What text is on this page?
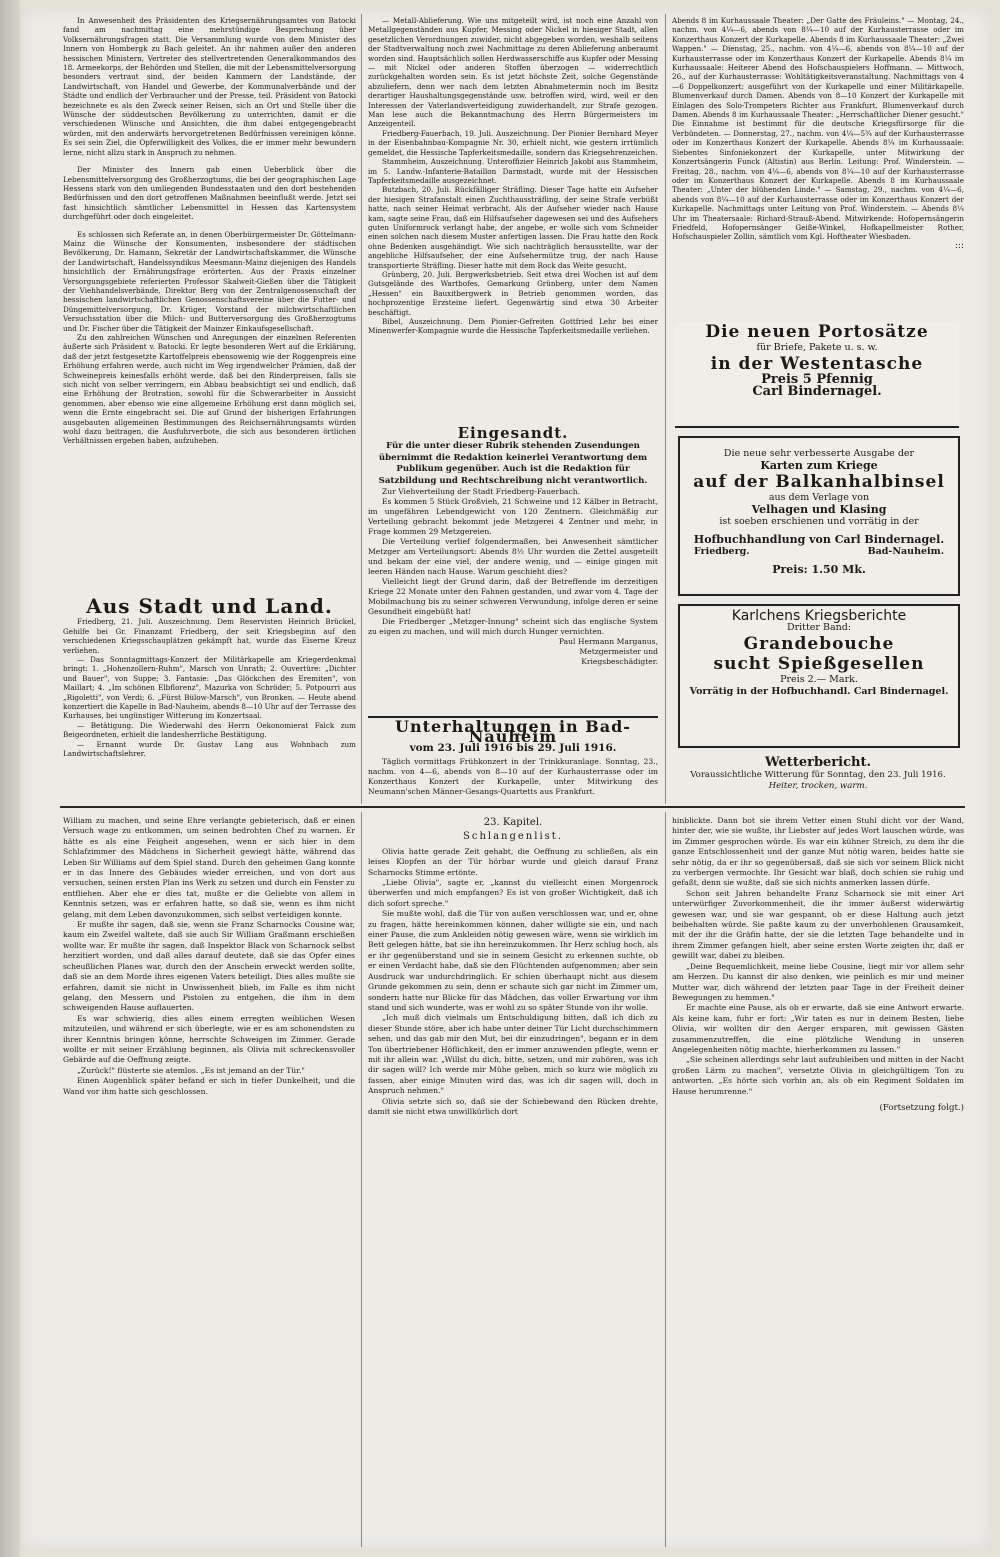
In Anwesenheit des Präsidenten des Kriegsernährungsamtes von Batocki fand am nachmittag eine mehrstündige Besprechung über Volksernährungsfragen statt. Die Versammlung wurde von dem Minister des Innern von Hombergk zu Bach geleitet. An ihr nahmen außer den anderen hessischen Ministern, Vertreter des stellvertretenden Generalkommandos des 18. Armeekorps, der Behörden und Stellen, die mit der Lebensmittelversorgung besonders vertraut sind, der beiden Kammern der Landstände, der Landwirtschaft, von Handel und Gewerbe, der Kommunalverbände und der Städte und endlich der Verbraucher und der Presse, teil. Präsident von Batocki bezeichnete es als den Zweck seiner Reisen, sich an Ort und Stelle über die Wünsche der süddeutschen Bevölkerung zu unterrichten, damit er die verschiedenen Wünsche und Ansichten, die ihm dabei entgegengebracht würden, mit den anderwärts hervorgetretenen Bedürfnissen vereinigen könne. Es sei sein Ziel, die Opferwilligkeit des Volkes, die er immer mehr bewundern lerne, nicht allzu stark in Anspruch zu nehmen.

Der Minister des Innern gab einen Ueberblick über die Lebensmittelversorgung des Großherzogtums, die bei der geographischen Lage Hessens stark von den umliegenden Bundesstaaten und den dort bestehenden Bedürfnissen und den dort getroffenen Maßnahmen beeinflußt werde. Jetzt sei fast hinsichtlich sämtlicher Lebensmittel in Hessen das Kartensystem durchgeführt oder doch eingeleitet.

Es schlossen sich Referate an, in denen Oberbürgermeister Dr. Göttelmann-Mainz die Wünsche der Konsumenten, insbesondere der städtischen Bevölkerung, Dr. Hamann, Sekretär der Landwirtschaftskammer, die Wünsche der Landwirtschaft, Handelssyndikus Meesmann-Mainz diejenigen des Handels hinsichtlich der Ernährungsfrage erörterten. Aus der Praxis einzelner Versorgungsgebiete referierten Professor Skalweit-Gießen über die Tätigkeit der Viehhandelsverbände, Direktor Berg von der Zentralgenossenschaft der hessischen landwirtschaftlichen Genossenschaftsvereine über die Futter- und Düngemittelversorgung, Dr. Krüger, Vorstand der milchwirtschaftlichen Versuchsstation über die Milch- und Butterversorgung des Großherzogtums und Dr. Fischer über die Tätigkeit der Mainzer Einkaufsgesellschaft.

Zu den zahlreichen Wünschen und Anregungen der einzelnen Referenten äußerte sich Präsident v. Batocki. Er legte besonderen Wert auf die Erklärung, daß der jetzt festgesetzte Kartoffelpreis ebensowenig wie der Roggenpreis eine Erhöhung erfahren werde, auch nicht im Weg irgendwelcher Prämien, daß der Schweinepreis keinesfalls erhöht werde, daß bei den Rinderpreisen, falls sie sich nicht von selber verringern, ein Abbau beabsichtigt sei und endlich, daß eine Erhöhung der Brotration, sowohl für die Schwerarbeiter in Aussicht genommen, aber ebenso wie eine allgemeine Erhöhung erst dann möglich sei, wenn die Ernte eingebracht sei. Die auf Grund der bisherigen Erfahrungen ausgebauten allgemeinen Bestimmungen des Reichsernährungsamts würden wohl dazu beitragen, die Ausfuhrverbote, die sich aus besonderen örtlichen Verhältnissen ergeben haben, aufzuheben.

Aus Stadt und Land.

Friedberg, 21. Juli. Auszeichnung. Dem Reservisten Heinrich Brückel, Gehilfe bei Gr. Finanzamt Friedberg, der seit Kriegsbeginn auf den verschiedenen Kriegsschauplätzen gekämpft hat, wurde das Eiserne Kreuz verliehen.

— Das Sonntagmittags-Konzert der Militärkapelle am Kriegerdenkmal bringt: 1. „Hohenzollern-Ruhm", Marsch von Unrath; 2. Ouvertüre: „Dichter und Bauer", von Suppe; 3. Fantasie: „Das Glöckchen des Eremiten", von Maillart; 4. „Im schönen Elbflorenz", Mazurka von Schröder; 5. Potpourri aus „Rigoletti", von Verdi; 6. „Fürst Bülow-Marsch", von Bronken. — Heute abend konzertiert die Kapelle in Bad-Nauheim, abends 8—10 Uhr auf der Terrasse des Kurhauses, bei ungünstiger Witterung im Konzertsaal.

— Betätigung. Die Wiederwahl des Herrn Oekonomierat Falck zum Beigeordneten, erhielt die landesherrliche Bestätigung.

— Ernannt wurde Dr. Gustav Lang aus Wohnbach zum Landwirtschaftslehrer.

— Metall-Ablieferung. Wie uns mitgeteilt wird, ist noch eine Anzahl von Metallgegenständen aus Kupfer, Messing oder Nickel in hiesiger Stadt, allen gesetzlichen Verordnungen zuwider, nicht abgegeben worden, weshalb seitens der Stadtverwaltung noch zwei Nachmittage zu deren Ablieferung anberaumt worden sind. Hauptsächlich sollen Herdwasserschiffe aus Kupfer oder Messing — mit Nickel oder anderen Stoffen überzogen — widerrechtlich zurückgehalten worden sein. Es ist jetzt höchste Zeit, solche Gegenstände abzuliefern, denn wer nach dem letzten Abnahmetermin noch im Besitz derartiger Haushaltungsgegenstände usw. betroffen wird, wird, weil er den Interessen der Vaterlandsverteidigung zuwiderhandelt, zur Strafe gezogen. Man lese auch die Bekanntmachung des Herrn Bürgermeisters im Anzeigenteil.

Friedberg-Fauerbach, 19. Juli. Auszeichnung. Der Pionier Bernhard Meyer in der Eisenbahnbau-Kompagnie Nr. 30, erhielt nicht, wie gestern irrtümlich gemeldet, die Hessische Tapferkeitsmedaille, sondern das Kriegsehrenzeichen.

Stammheim, Auszeichnung. Unteroffizier Heinrich Jakobi aus Stammheim, im 5. Landw.-Infanterie-Bataillon Darmstadt, wurde mit der Hessischen Tapferkeitsmedaille ausgezeichnet.

Butzbach, 20. Juli. Rückfälliger Sträfling. Dieser Tage hatte ein Aufseher der hiesigen Strafanstalt einen Zuchthaussträfling, der seine Strafe verbüßt hatte, nach seiner Heimat verbracht. Als der Aufseher wieder nach Hause kam, sagte seine Frau, daß ein Hilfsaufseher dagewesen sei und des Aufsehers guten Uniformrock verlangt habe, der angebe, er wolle sich vom Schneider einen solchen nach diesem Muster anfertigen lassen. Die Frau hatte den Rock ohne Bedenken ausgehändigt. Wie sich nachträglich herausstellte, war der angebliche Hilfsaufseher, der eine Aufsehermütze trug, der nach Hause transportierte Sträfling. Dieser hatte mit dem Rock das Weite gesucht.

Grünberg, 20. Juli. Bergwerksbetrieb. Seit etwa drei Wochen ist auf dem Gutsgelände des Wartbofes, Gemarkung Grünberg, unter dem Namen „Hessen" ein Bauxitbergwerk in Betrieb genommen worden, das hochprozentige Erzsteine liefert. Gegenwärtig sind etwa 30 Arbeiter beschäftigt.

Bibel, Auszeichnung. Dem Pionier-Gefreiten Gottfried Lehr bei einer Minenwerfer-Kompagnie wurde die Hessische Tapferkeitsmedaille verliehen.

Eingesandt.
Für die unter dieser Rubrik stehenden Zusendungen übernimmt die Redaktion keinerlei Verantwortung dem Publikum gegenüber. Auch ist die Redaktion für Satzbildung und Rechtschreibung nicht verantwortlich.

Zur Viehverteilung der Stadt Friedberg-Fauerbach.

Es kommen 5 Stück Großvieh, 21 Schweine und 12 Kälber in Betracht, im ungefähren Lebendgewicht von 120 Zentnern. Gleichmäßig zur Verteilung gebracht bekommt jede Metzgerei 4 Zentner und mehr, in Frage kommen 29 Metzgereien.

Die Verteilung verlief folgendermaßen, bei Anwesenheit sämtlicher Metzger am Verteilungsort: Abends 8½ Uhr wurden die Zettel ausgeteilt und bekam der eine viel, der andere wenig, und — einige gingen mit leeren Händen nach Hause. Warum geschieht dies?

Vielleicht liegt der Grund darin, daß der Betreffende im derzeitigen Kriege 22 Monate unter den Fahnen gestanden, und zwar vom 4. Tage der Mobilmachung bis zu seiner schweren Verwundung, infolge deren er seine Gesundheit eingebüßt hat!

Die Friedberger „Metzger-Innung" scheint sich das englische System zu eigen zu machen, und will mich durch Hunger vernichten.

Paul Hermann Marganus,
Metzgermeister und
Kriegsbeschädigter.
Unterhaltungen in Bad-Nauheim
vom 23. Juli 1916 bis 29. Juli 1916.

Täglich vormittags Frühkonzert in der Trinkkuranlage. Sonntag, 23., nachm. von 4—6, abends von 8—10 auf der Kurhausterrasse oder im Konzerthaus Konzert der Kurkapelle, unter Mitwirkung des Neumann'schen Männer-Gesangs-Quartetts aus Frankfurt.

Abends 8 im Kurhaussaale Theater: „Der Gatte des Fräuleins." — Montag, 24., nachm. von 4¼—6, abends von 8¼—10 auf der Kurhausterrasse oder im Konzerthaus Konzert der Kurkapelle. Abends 8 im Kurhaussaale Theater: „Zwei Wappen." — Dienstag, 25., nachm. von 4¼—6, abends von 8¼—10 auf der Kurhausterrasse oder im Konzerthaus Konzert der Kurkapelle. Abends 8¼ im Kurhaussaale: Heiterer Abend des Hofschauspielers Hoffmann. — Mittwoch, 26., auf der Kurhausterrasse: Wohltätigkeitsveranstaltung. Nachmittags von 4—6 Doppelkonzert: ausgeführt von der Kurkapelle und einer Militärkapelle. Blumenverkauf durch Damen. Abends von 8—10 Konzert der Kurkapelle mit Einlagen des Solo-Trompeters Richter aus Frankfurt. Blumenverkauf durch Damen. Abends 8 im Kurhaussaale Theater: „Herrschaftlicher Diener gesucht." Die Einnahme ist bestimmt für die deutsche Kriegsfürsorge für die Verbündeten. — Donnerstag, 27., nachm. von 4¼—5¾ auf der Kurhausterrasse oder im Konzerthaus Konzert der Kurkapelle. Abends 8¼ im Kurhaussaale: Siebentes Sinfoniekonzert der Kurkapelle, unter Mitwirkung der Konzertsängerin Funck (Altistin) aus Berlin. Leitung: Prof. Winderstein. — Freitag, 28., nachm. von 4¼—6, abends von 8¼—10 auf der Kurhausterrasse oder im Konzerthaus Konzert der Kurkapelle. Abends 8 im Kurhaussaale Theater: „Unter der blühenden Linde." — Samstag, 29., nachm. von 4¼—6, abends von 8¼—10 auf der Kurhausterrasse oder im Konzerthaus Konzert der Kurkapelle. Nachmittags unter Leitung von Prof. Winderstein. — Abends 8¼ Uhr im Theatersaale: Richard-Strauß-Abend. Mitwirkende: Hofopernsängerin Friedfeld, Hofopernsänger Geiße-Winkel, Hofkapellmeister Rother, Hofschauspieler Zollin, sämtlich vom Kgl. Hoftheater Wiesbaden.

:::
Die neuen Portosätze
für Briefe, Pakete u. s. w.
in der Westentasche
Preis 5 Pfennig
Carl Bindernagel.
Die neue sehr verbesserte Ausgabe der
Karten zum Kriege
auf der Balkanhalbinsel
aus dem Verlage von
Velhagen und Klasing
ist soeben erschienen und vorrätig in der
Hofbuchhandlung von Carl Bindernagel.
Friedberg.	Bad-Nauheim.
Preis: 1.50 Mk.
Karlchens Kriegsberichte
Dritter Band:
Grandebouche
sucht Spießgesellen
Preis 2.— Mark.
Vorrätig in der Hofbuchhandl. Carl Bindernagel.
Wetterbericht.
Voraussichtliche Witterung für Sonntag, den 23. Juli 1916.
Heiter, trocken, warm.

William zu machen, und seine Ehre verlangte gebieterisch, daß er einen Versuch wage zu entkommen, um seinen bedrohten Chef zu warnen. Er hätte es als eine Feigheit angesehen, wenn er sich hier in dem Schlafzimmer des Mädchens in Sicherheit gewiegt hätte, während das Leben Sir Williams auf dem Spiel stand. Durch den geheimen Gang konnte er in das Innere des Gebäudes wieder erreichen, und von dort aus versuchen, seinen ersten Plan ins Werk zu setzen und durch ein Fenster zu entfliehen. Aber ehe er dies tat, mußte er die Geliebte von allem in Kenntnis setzen, was er erfahren hatte, so daß sie, wenn es ihm nicht gelang, mit dem Leben davonzukommen, sich selbst verteidigen konnte.

Er mußte ihr sagen, daß sie, wenn sie Franz Scharnocks Cousine war, kaum ein Zweifel waltete, daß sie auch Sir William Graßmann erschießen wollte war. Er mußte ihr sagen, daß Inspektor Black von Scharnock selbst herzitiert worden, und daß alles darauf deutete, daß sie das Opfer eines scheußlichen Planes war, durch den der Anschein erweckt werden sollte, daß sie an dem Morde ihres eigenen Vaters beteiligt. Dies alles mußte sie erfahren, damit sie nicht in Unwissenheit blieb, im Falle es ihm nicht gelang, den Messern und Pistolen zu entgehen, die ihm in dem schweigenden Hause auflauerten.

Es war schwierig, dies alles einem erregten weiblichen Wesen mitzuteilen, und während er sich überlegte, wie er es am schonendsten zu ihrer Kenntnis bringen könne, herrschte Schweigen im Zimmer. Gerade wollte er mit seiner Erzählung beginnen, als Olivia mit schreckensvoller Gebärde auf die Oeffnung zeigte.

„Zurück!" flüsterte sie atemlos. „Es ist jemand an der Tür."

Einen Augenblick später befand er sich in tiefer Dunkelheit, und die Wand vor ihm hatte sich geschlossen.

23. Kapitel.
Schlangenlist.

Olivia hatte gerade Zeit gehabt, die Oeffnung zu schließen, als ein leises Klopfen an der Tür hörbar wurde und gleich darauf Franz Scharnocks Stimme ertönte.

„Liebe Olivia", sagte er, „kannst du vielleicht einen Morgenrock überwerfen und mich empfangen? Es ist von großer Wichtigkeit, daß ich dich sofort spreche."

Sie mußte wohl, daß die Tür von außen verschlossen war, und er, ohne zu fragen, hätte hereinkommen können, daher willigte sie ein, und nach einer Pause, die zum Ankleiden nötig gewesen wäre, wenn sie wirklich im Bett gelegen hätte, bat sie ihn hereinzukommen. Ihr Herz schlug hoch, als er ihr gegenüberstand und sie in seinem Gesicht zu erkennen suchte, ob er einen Verdacht habe, daß sie den Flüchtenden aufgenommen; aber sein Ausdruck war undurchdringlich. Er schien überhaupt nicht aus diesem Grunde gekommen zu sein, denn er schaute sich gar nicht im Zimmer um, sondern hatte nur Blicke für das Mädchen, das voller Erwartung vor ihm stand und sich wunderte, was er wohl zu so später Stunde von ihr wolle.

„Ich muß dich vielmals um Entschuldigung bitten, daß ich dich zu dieser Stunde störe, aber ich habe unter deiner Tür Licht durchschimmern sehen, und das gab mir den Mut, bei dir einzudringen", begann er in dem Ton übertriebener Höflichkeit, den er immer anzuwenden pflegte, wenn er mit ihr allein war. „Willst du dich, bitte, setzen, und mir zuhören, was ich dir sagen will? Ich werde mir Mühe geben, mich so kurz wie möglich zu fassen, aber einige Minuten wird das, was ich dir sagen will, doch in Anspruch nehmen."

Olivia setzte sich so, daß sie der Schiebewand den Rücken drehte, damit sie nicht etwa unwillkürlich dort

hinblickte. Dann bot sie ihrem Vetter einen Stuhl dicht vor der Wand, hinter der, wie sie wußte, ihr Liebster auf jedes Wort lauschen würde, was im Zimmer gesprochen würde. Es war ein kühner Streich, zu dem ihr die ganze Entschlossenheit und der ganze Mut nötig waren, beides hatte sie sehr nötig, da er ihr so gegenübersaß, daß sie sich vor seinem Blick nicht zu verbergen vermochte. Ihr Gesicht war blaß, doch schien sie ruhig und gefaßt, denn sie wußte, daß sie sich nichts anmerken lassen dürfe.

Schon seit Jahren behandelte Franz Scharnock sie mit einer Art unterwürfiger Zuvorkommenheit, die ihr immer äußerst widerwärtig gewesen war, und sie war gespannt, ob er diese Haltung auch jetzt beibehalten würde. Sie paßte kaum zu der unverhohlenen Grausamkeit, mit der ihr die Gräfin hatte, der sie die letzten Tage behandelte und in ihrem Zimmer gefangen hielt, aber seine ersten Worte zeigten ihr, daß er gewillt war, dabei zu bleiben.

„Deine Bequemlichkeit, meine liebe Cousine, liegt mir vor allem sehr am Herzen. Du kannst dir also denken, wie peinlich es mir und meiner Mutter war, dich während der letzten paar Tage in der Freiheit deiner Bewegungen zu hemmen."

Er machte eine Pause, als ob er erwarte, daß sie eine Antwort erwarte. Als keine kam, fuhr er fort: „Wir taten es nur in deinem Besten, liebe Olivia, wir wollten dir den Aerger ersparen, mit gewissen Gästen zusammenzutreffen, die eine plötzliche Wendung in unseren Angelegenheiten nötig machte, hierherkommen zu lassen."

„Sie scheinen allerdings sehr laut aufzubleiben und mitten in der Nacht großen Lärm zu machen", versetzte Olivia in gleichgültigem Ton zu antworten. „Es hörte sich vorhin an, als ob ein Regiment Soldaten im Hause herumrenne."

(Fortsetzung folgt.)
